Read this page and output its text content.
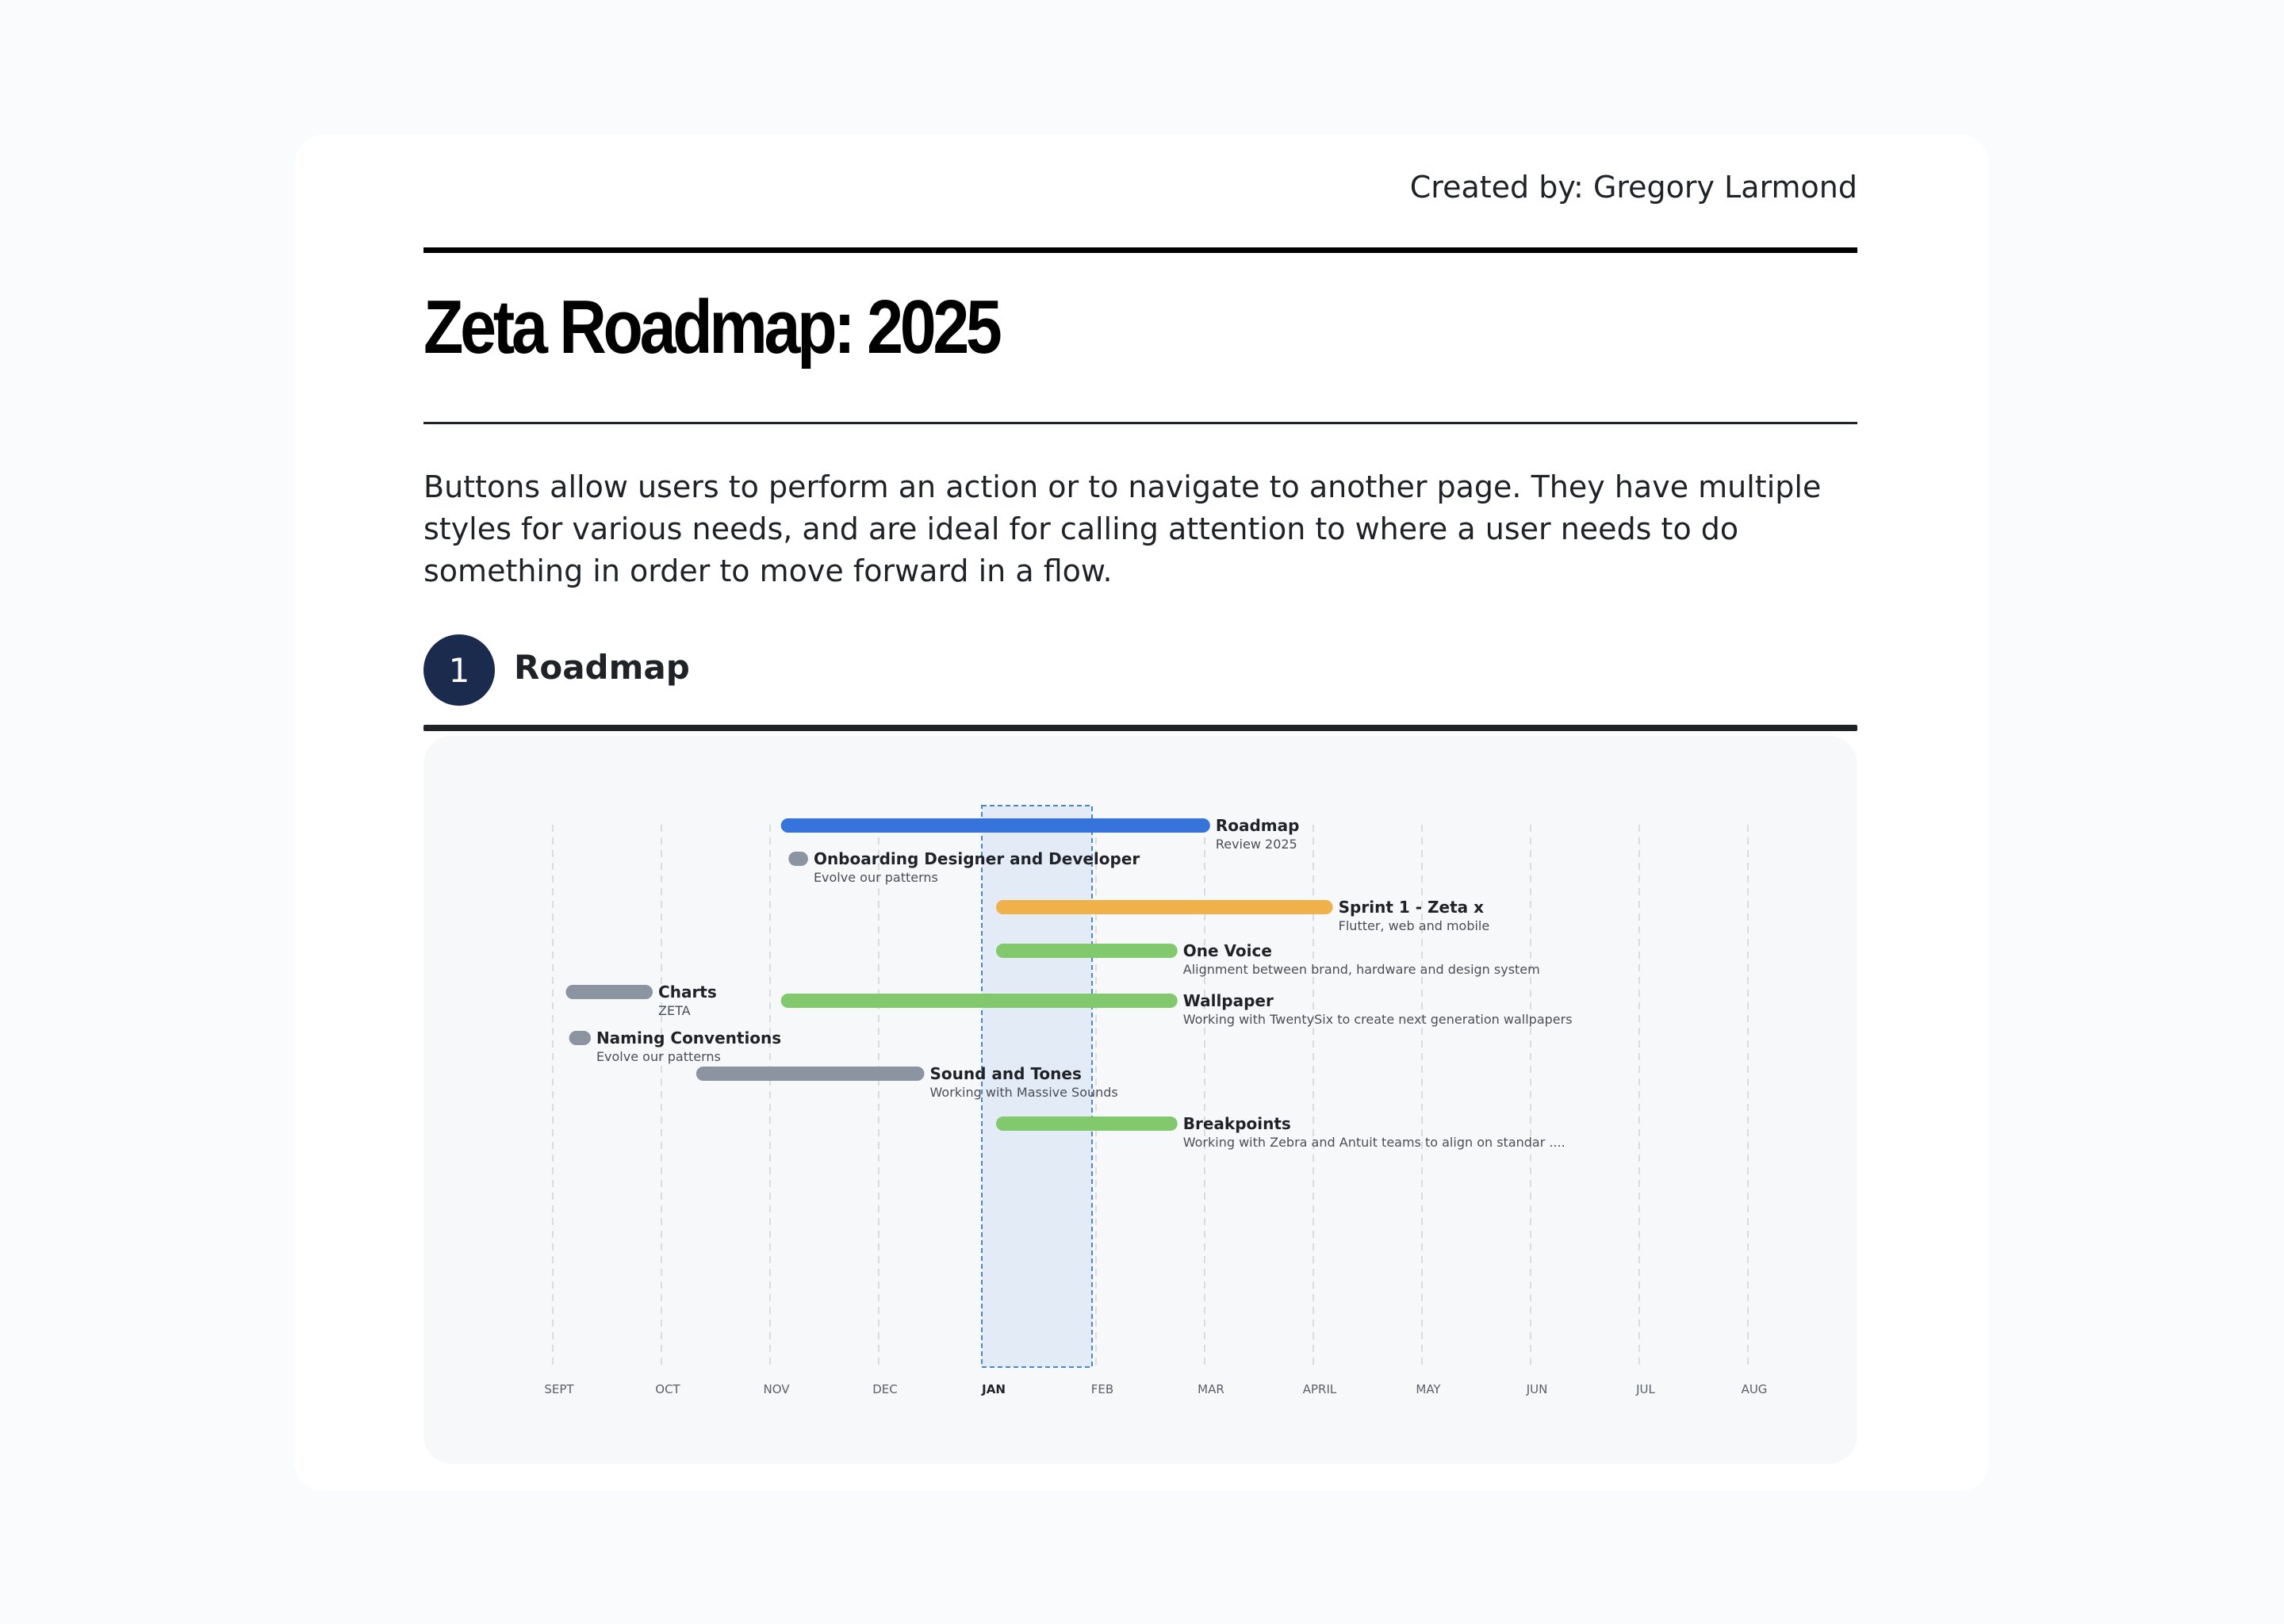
Created by: Gregory Larmond
Zeta Roadmap: 2025

Buttons allow users to perform an action or to navigate to another page. They have multiple styles for various needs, and are ideal for calling attention to where a user needs to do something in order to move forward in a flow.

1	Roadmap
Roadmap
Review 2025
Onboarding Designer and Developer
Evolve our patterns
Sprint 1 - Zeta x
Flutter, web and mobile
One Voice
Alignment between brand, hardware and design system
Charts
ZETA
Wallpaper
Working with TwentySix to create next generation wallpapers
Naming Conventions
Evolve our patterns
Sound and Tones
Working with Massive Sounds
Breakpoints
Working with Zebra and Antuit teams to align on standar ....
SEPT	OCT	NOV	DEC	JAN	FEB	MAR	APRIL	MAY	JUN	JUL	AUG
